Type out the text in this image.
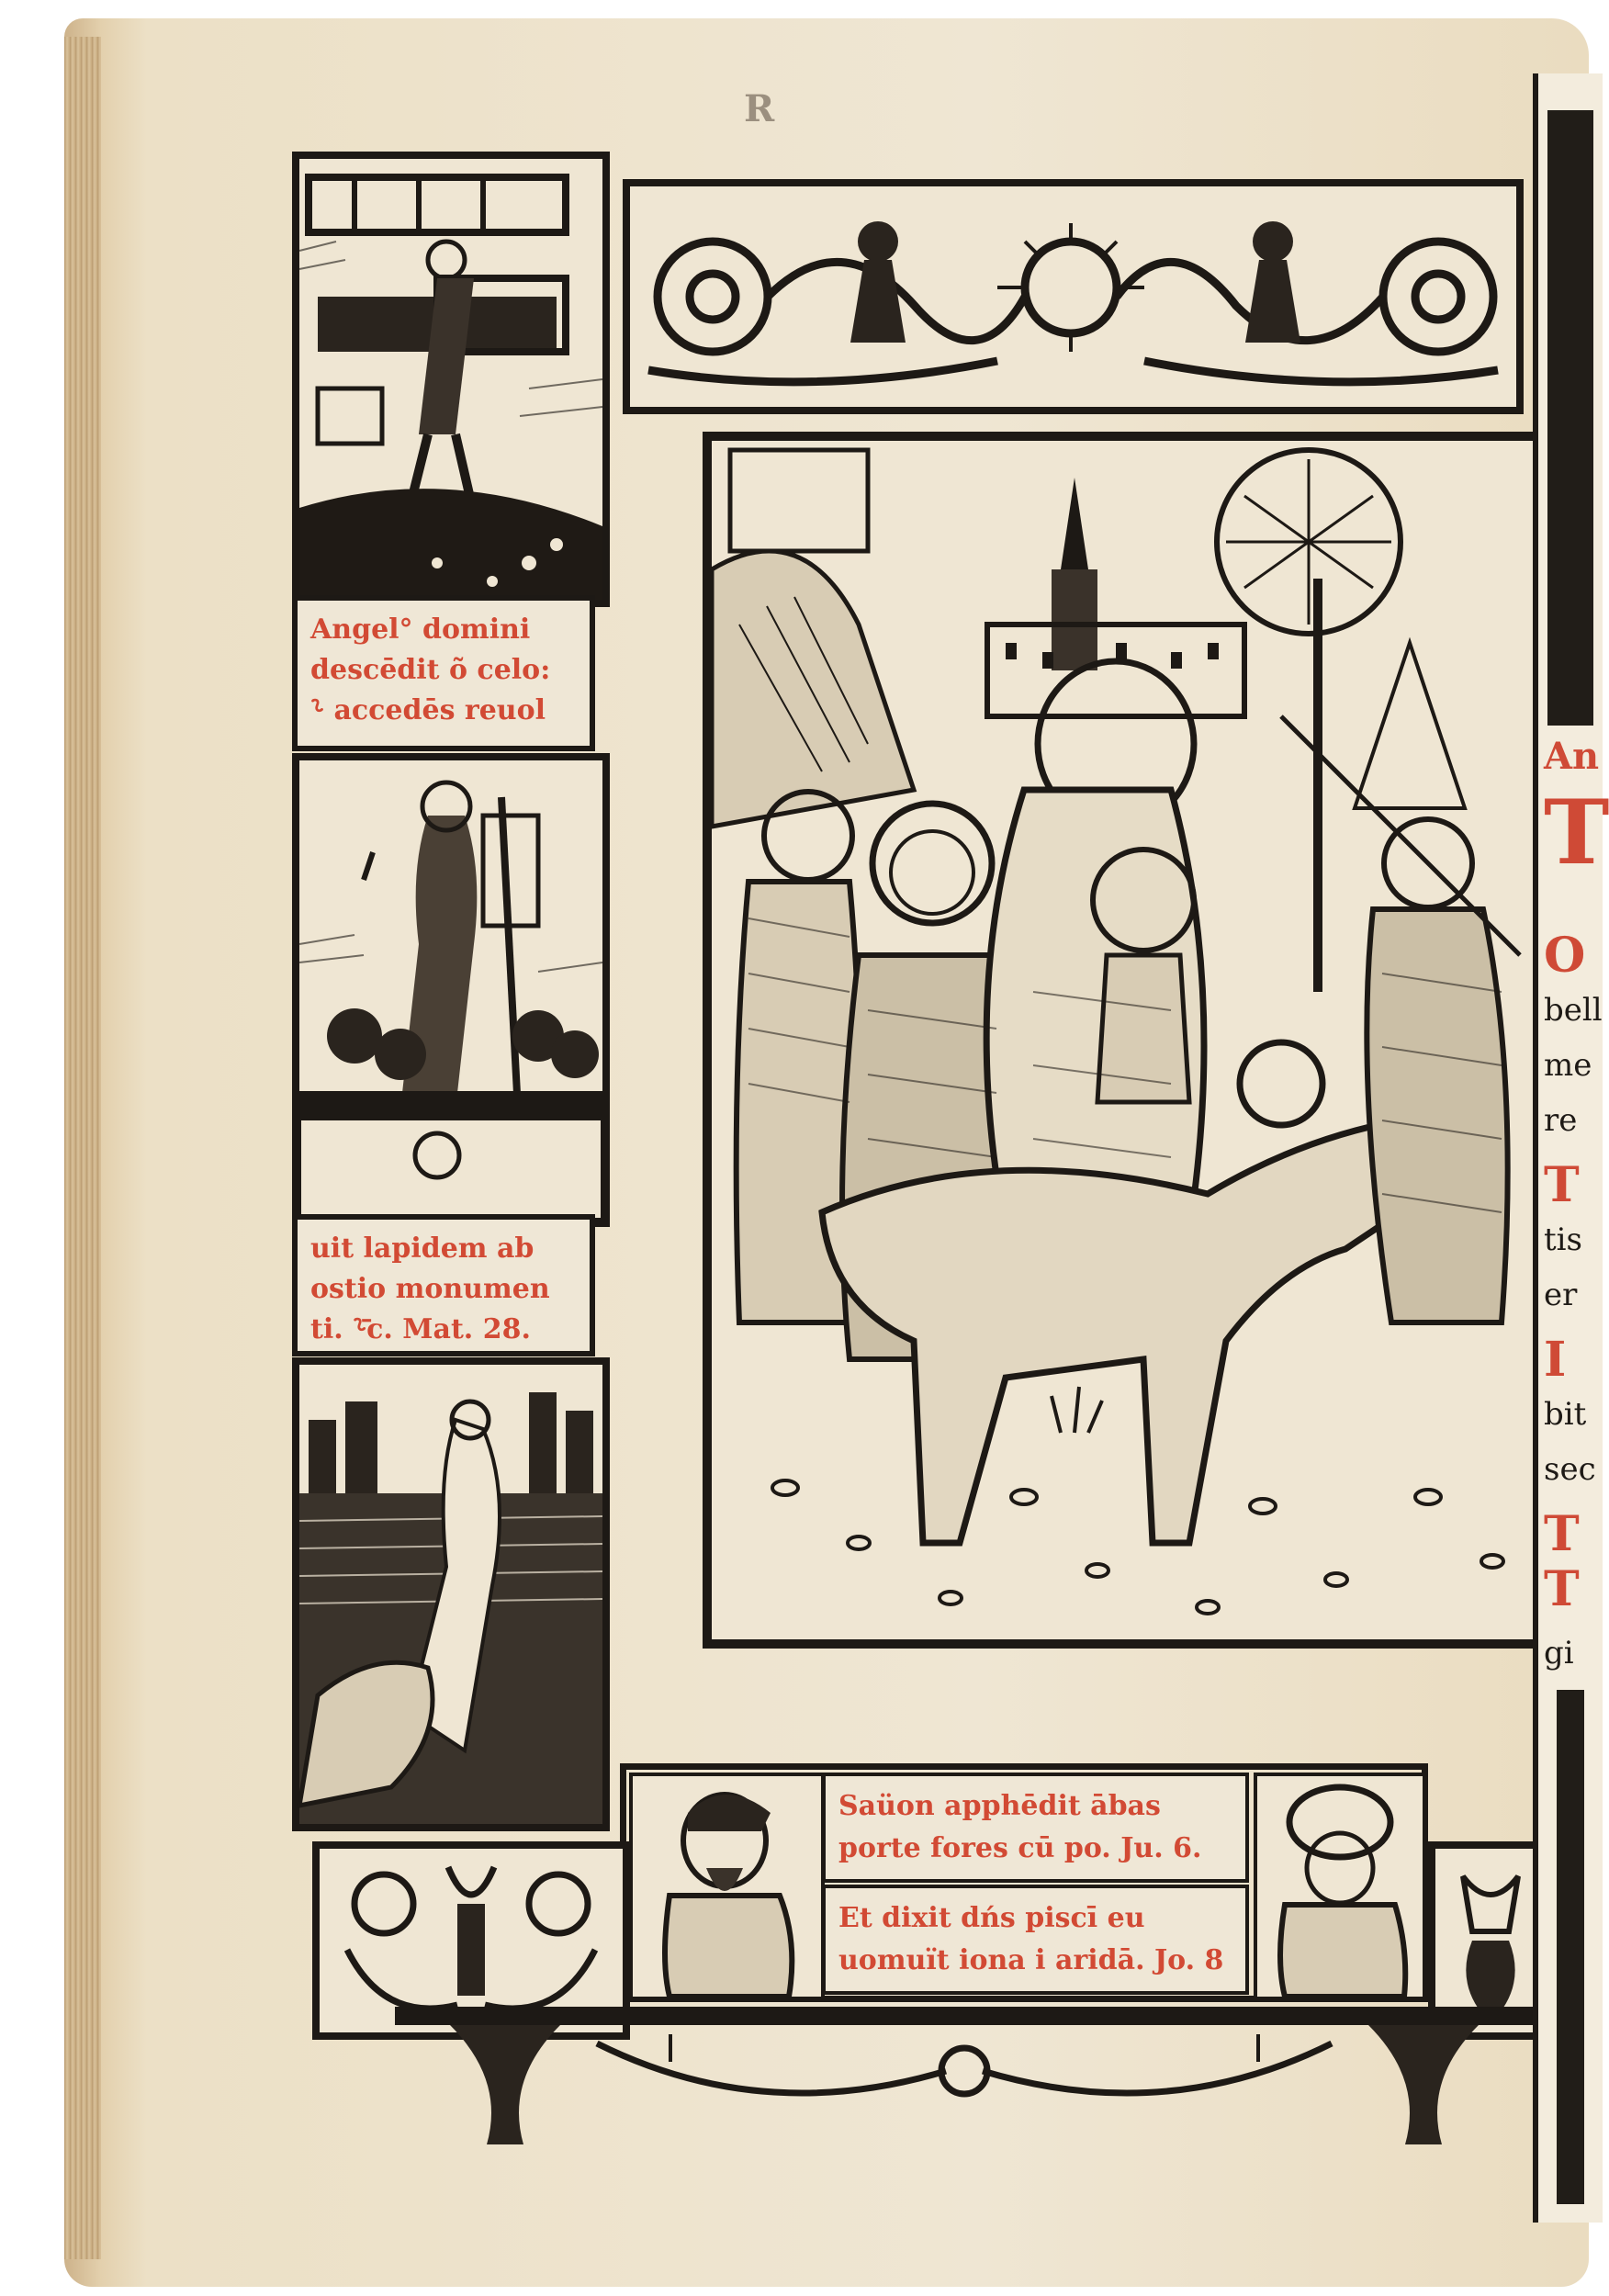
R
Angel° domini
descēdit õ celo:
⸊ accedēs reuol
uit lapidem ab
ostio monumen
ti. ⸊̄c. Mat. 28.
Saüon apphēdit ābas
porte fores cū po. Ju. 6.
Et dixit dńs piscī eu
uomuït iona i aridā. Jo. 8
An
T
O
bell
me
re
T
tis
er
I
bit
sec
T
T
gi
